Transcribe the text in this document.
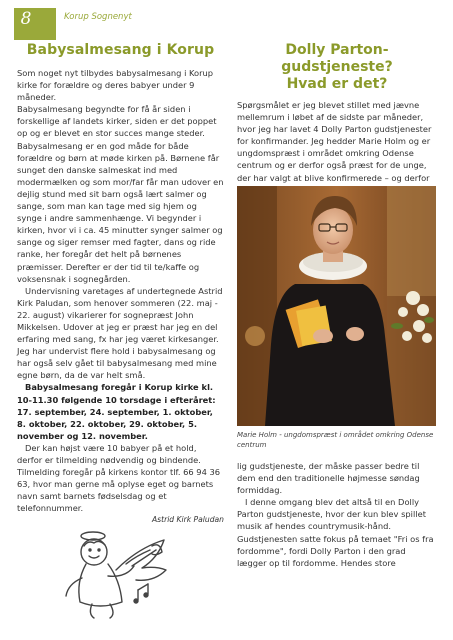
8	Korup Sognenyt
Babysalmesang i Korup

Som noget nyt tilbydes babysalmesang i Korup kirke for forældre og deres babyer under 9 måneder.

Babysalmesang begyndte for få år siden i forskellige af landets kirker, siden er det poppet op og er blevet en stor succes mange steder. Babysalmesang er en god måde for både forældre og børn at møde kirken på. Børnene får sunget den danske salmeskat ind med modermælken og som mor/far får man udover en dejlig stund med sit barn også lært salmer og sange, som man kan tage med sig hjem og synge i andre sammenhænge. Vi begynder i kirken, hvor vi i ca. 45 minutter synger salmer og sange og siger remser med fagter, dans og ride ranke, her foregår det helt på børnenes præmisser. Derefter er der tid til te/kaffe og voksensnak i sognegården.

Undervisning varetages af undertegnede Astrid Kirk Paludan, som henover sommeren (22. maj - 22. august) vikarierer for sognepræst John Mikkelsen. Udover at jeg er præst har jeg en del erfaring med sang, fx har jeg været kirkesanger. Jeg har undervist flere hold i babysalmesang og har også selv gået til babysalmesang med mine egne børn, da de var helt små.

Babysalmesang foregår i Korup kirke kl. 10-11.30 følgende 10 torsdage i efteråret: 17. september, 24. september, 1. oktober, 8. oktober, 22. oktober, 29. oktober, 5. november og 12. november.

Der kan højst være 10 babyer på et hold, derfor er tilmelding nødvendig og bindende. Tilmelding foregår på kirkens kontor tlf. 66 94 36 63, hvor man gerne må oplyse eget og barnets navn samt barnets fødselsdag og et telefonnummer.

Astrid Kirk Paludan

Dolly Parton-gudstjeneste?
Hvad er det?

Spørgsmålet er jeg blevet stillet med jævne mellemrum i løbet af de sidste par måneder, hvor jeg har lavet 4 Dolly Parton gudstjenester for konfirmander. Jeg hedder Marie Holm og er ungdomspræst i området omkring Odense centrum og er derfor også præst for de unge, der har valgt at blive konfirmerede – og derfor

Marie Holm - ungdomspræst i området omkring Odense centrum

lig gudstjeneste, der måske passer bedre til dem end den traditionelle højmesse søndag formiddag.

I denne omgang blev det altså til en Dolly Parton gudstjeneste, hvor der kun blev spillet musik af hendes countrymusik-hånd. Gudstjenesten satte fokus på temaet "Fri os fra fordomme", fordi Dolly Parton i den grad lægger op til fordomme. Hendes store
